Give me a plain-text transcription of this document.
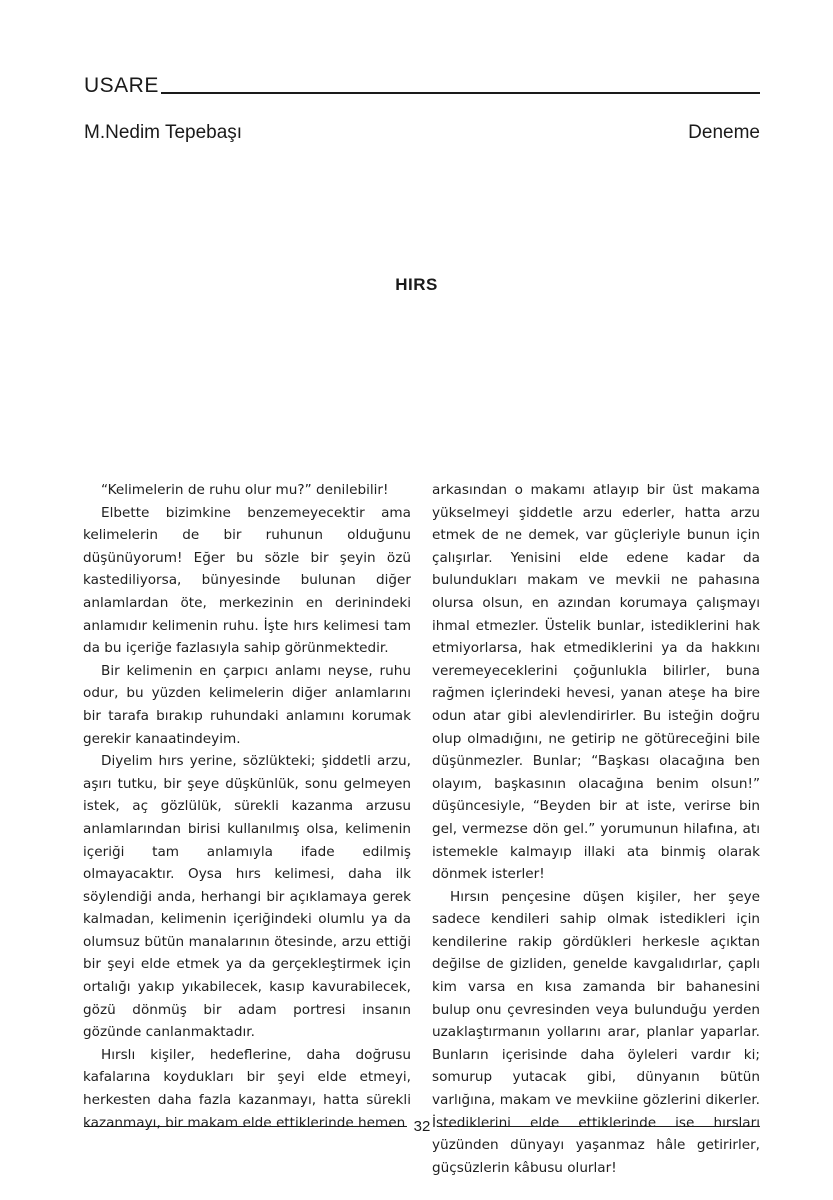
USARE
M.Nedim Tepebaşı	Deneme
HIRS

“Kelimelerin de ruhu olur mu?” denilebilir!

Elbette bizimkine benzemeyecektir ama kelimelerin de bir ruhunun olduğunu düşünüyorum! Eğer bu sözle bir şeyin özü kastediliyorsa, bünyesinde bulunan diğer anlamlardan öte, merkezinin en derinindeki anlamıdır kelimenin ruhu. İşte hırs kelimesi tam da bu içeriğe fazlasıyla sahip görünmektedir.

Bir kelimenin en çarpıcı anlamı neyse, ruhu odur, bu yüzden kelimelerin diğer anlamlarını bir tarafa bırakıp ruhundaki anlamını korumak gerekir kanaatindeyim.

Diyelim hırs yerine, sözlükteki; şiddetli arzu, aşırı tutku, bir şeye düşkünlük, sonu gelmeyen istek, aç gözlülük, sürekli kazanma arzusu anlamlarından birisi kullanılmış olsa, kelimenin içeriği tam anlamıyla ifade edilmiş olmayacaktır. Oysa hırs kelimesi, daha ilk söylendiği anda, herhangi bir açıklamaya gerek kalmadan, kelimenin içeriğindeki olumlu ya da olumsuz bütün manalarının ötesinde, arzu ettiği bir şeyi elde etmek ya da gerçekleştirmek için ortalığı yakıp yıkabilecek, kasıp kavurabilecek, gözü dönmüş bir adam portresi insanın gözünde canlanmaktadır.

Hırslı kişiler, hedeflerine, daha doğrusu kafalarına koydukları bir şeyi elde etmeyi, herkesten daha fazla kazanmayı, hatta sürekli kazanmayı, bir makam elde ettiklerinde hemen

arkasından o makamı atlayıp bir üst makama yükselmeyi şiddetle arzu ederler, hatta arzu etmek de ne demek, var güçleriyle bunun için çalışırlar. Yenisini elde edene kadar da bulundukları makam ve mevkii ne pahasına olursa olsun, en azından korumaya çalışmayı ihmal etmezler. Üstelik bunlar, istediklerini hak etmiyorlarsa, hak etmediklerini ya da hakkını veremeyeceklerini çoğunlukla bilirler, buna rağmen içlerindeki hevesi, yanan ateşe ha bire odun atar gibi alevlendirirler. Bu isteğin doğru olup olmadığını, ne getirip ne götüreceğini bile düşünmezler. Bunlar; “Başkası olacağına ben olayım, başkasının olacağına benim olsun!” düşüncesiyle, “Beyden bir at iste, verirse bin gel, vermezse dön gel.” yorumunun hilafına, atı istemekle kalmayıp illaki ata binmiş olarak dönmek isterler!

Hırsın pençesine düşen kişiler, her şeye sadece kendileri sahip olmak istedikleri için kendilerine rakip gördükleri herkesle açıktan değilse de gizliden, genelde kavgalıdırlar, çaplı kim varsa en kısa zamanda bir bahanesini bulup onu çevresinden veya bulunduğu yerden uzaklaştırmanın yollarını arar, planlar yaparlar. Bunların içerisinde daha öyleleri vardır ki; somurup yutacak gibi, dünyanın bütün varlığına, makam ve mevkiine gözlerini dikerler. İstediklerini elde ettiklerinde ise hırsları yüzünden dünyayı yaşanmaz hâle getirirler, güçsüzlerin kâbusu olurlar!

32
